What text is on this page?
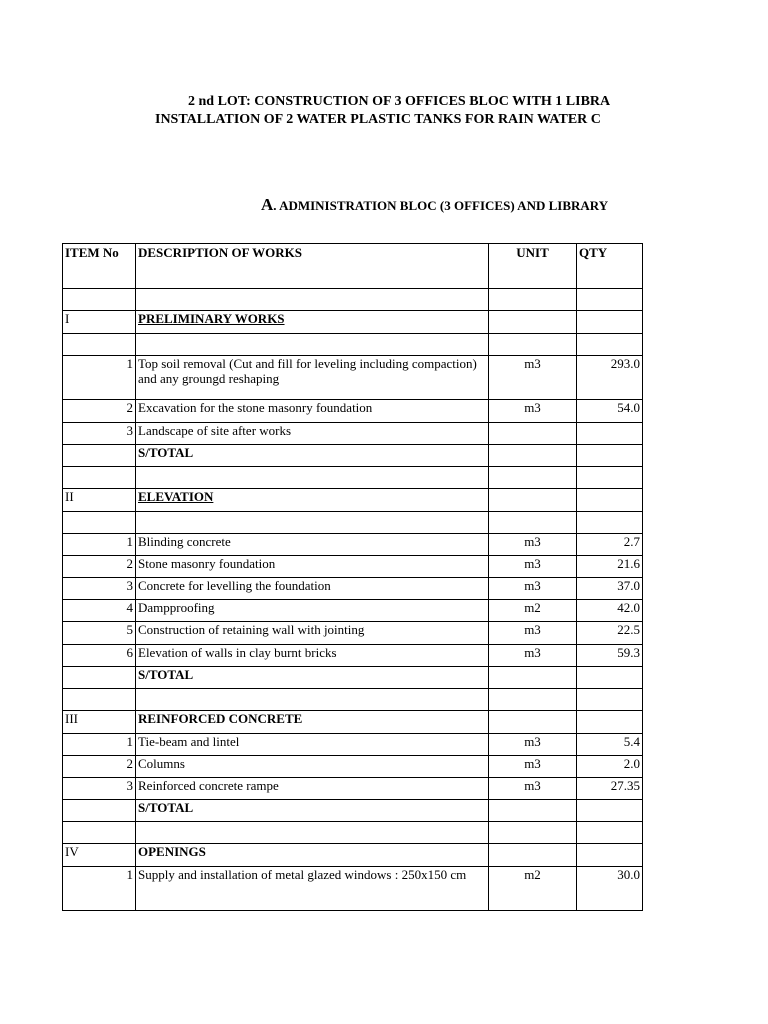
2 nd LOT: CONSTRUCTION OF 3 OFFICES BLOC WITH 1 LIBRA
INSTALLATION OF 2 WATER PLASTIC TANKS FOR RAIN WATER C
A. ADMINISTRATION BLOC (3 OFFICES) AND LIBRARY
ITEM No	DESCRIPTION OF WORKS	UNIT	QTY

I	PRELIMINARY WORKS		

1	Top soil removal (Cut and fill for leveling including compaction) and any groungd reshaping	m3	293.0
2	Excavation for the stone masonry foundation	m3	54.0
3	Landscape of site after works		
	S/TOTAL		

II	ELEVATION		

1	Blinding concrete	m3	2.7
2	Stone masonry foundation	m3	21.6
3	Concrete for levelling the foundation	m3	37.0
4	Dampproofing	m2	42.0
5	Construction of retaining wall with jointing	m3	22.5
6	Elevation of walls in clay burnt bricks	m3	59.3
	S/TOTAL		

III	REINFORCED CONCRETE		
1	Tie-beam and lintel	m3	5.4
2	Columns	m3	2.0
3	Reinforced concrete rampe	m3	27.35
	S/TOTAL		

IV	OPENINGS		
1	Supply and installation of metal glazed windows : 250x150 cm	m2	30.0
